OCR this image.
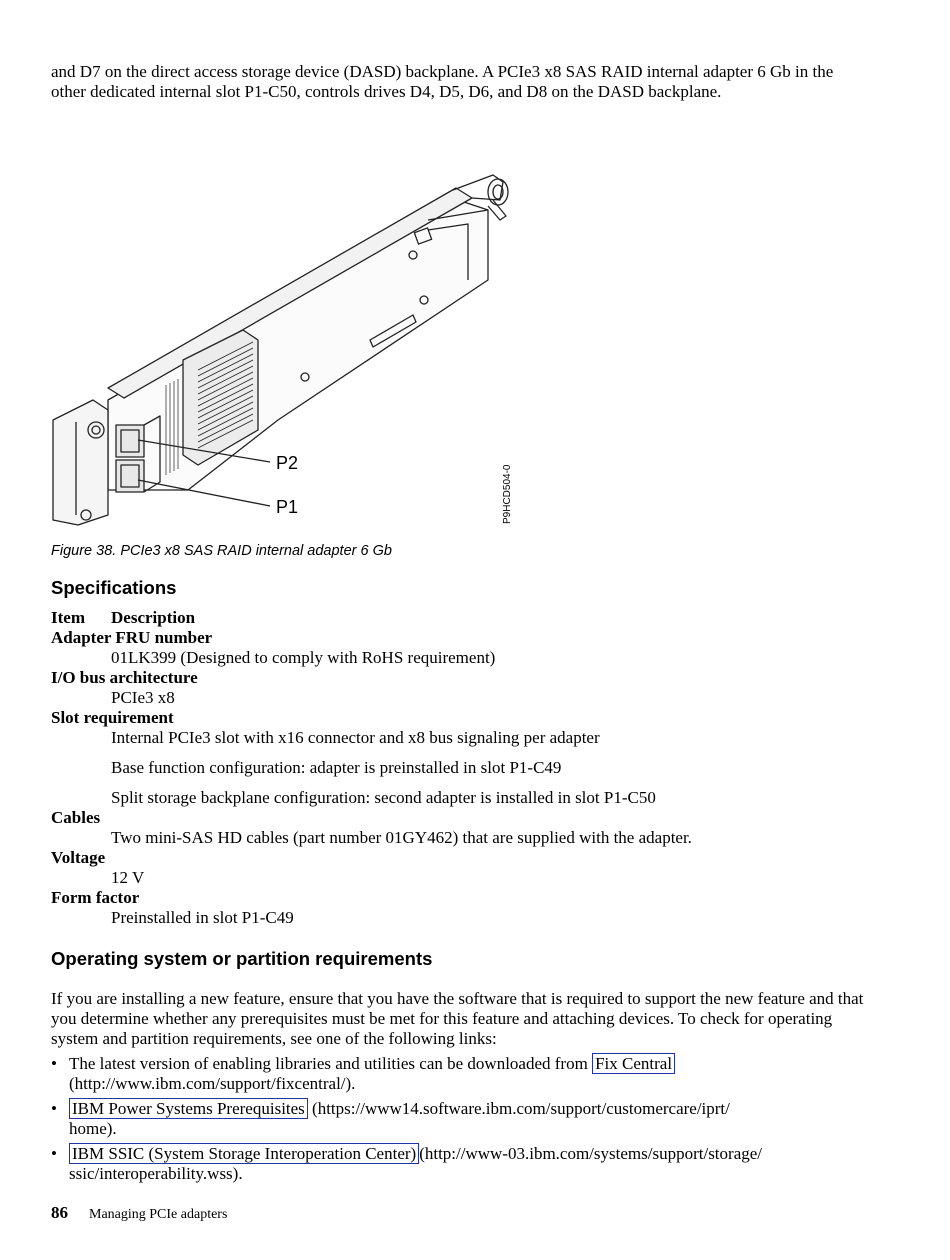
and D7 on the direct access storage device (DASD) backplane. A PCIe3 x8 SAS RAID internal adapter 6 Gb in the other dedicated internal slot P1-C50, controls drives D4, D5, D6, and D8 on the DASD backplane.
P2
P1	P9HCD504-0
Figure 38. PCIe3 x8 SAS RAID internal adapter 6 Gb
Specifications
Item Description
Adapter FRU number
01LK399 (Designed to comply with RoHS requirement)
I/O bus architecture
PCIe3 x8
Slot requirement
Internal PCIe3 slot with x16 connector and x8 bus signaling per adapter
Base function configuration: adapter is preinstalled in slot P1-C49
Split storage backplane configuration: second adapter is installed in slot P1-C50
Cables
Two mini-SAS HD cables (part number 01GY462) that are supplied with the adapter.
Voltage
12 V
Form factor
Preinstalled in slot P1-C49
Operating system or partition requirements
If you are installing a new feature, ensure that you have the software that is required to support the new feature and that you determine whether any prerequisites must be met for this feature and attaching devices. To check for operating system and partition requirements, see one of the following links:
• The latest version of enabling libraries and utilities can be downloaded from Fix Central
(http://www.ibm.com/support/fixcentral/).
• IBM Power Systems Prerequisites (https://www14.software.ibm.com/support/customercare/iprt/
home).
• IBM SSIC (System Storage Interoperation Center) (http://www-03.ibm.com/systems/support/storage/
ssic/interoperability.wss).
86 Managing PCIe adapters
